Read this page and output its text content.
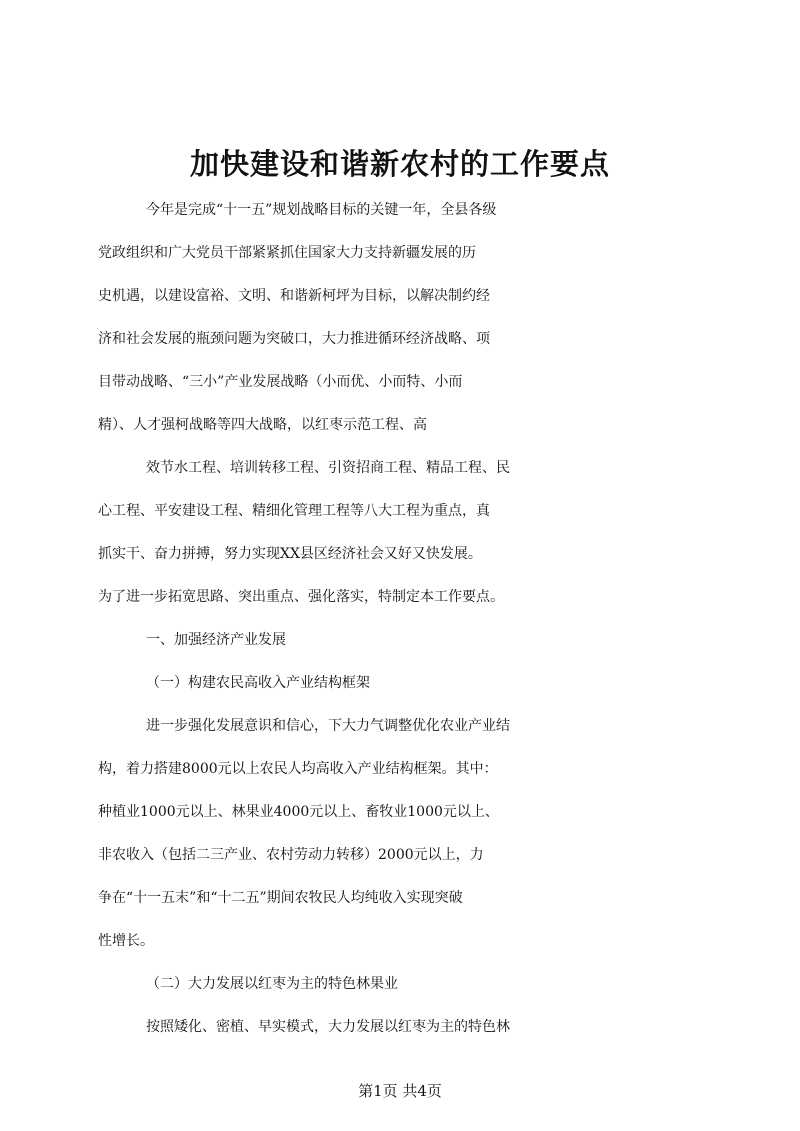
加快建设和谐新农村的工作要点
今年是完成“十一五”规划战略目标的关键一年，全县各级
党政组织和广大党员干部紧紧抓住国家大力支持新疆发展的历
史机遇，以建设富裕、文明、和谐新柯坪为目标，以解决制约经
济和社会发展的瓶颈问题为突破口，大力推进循环经济战略、项
目带动战略、“三小”产业发展战略（小而优、小而特、小而
精）、人才强柯战略等四大战略，以红枣示范工程、高
效节水工程、培训转移工程、引资招商工程、精品工程、民
心工程、平安建设工程、精细化管理工程等八大工程为重点，真
抓实干、奋力拼搏，努力实现XX县区经济社会又好又快发展。
为了进一步拓宽思路、突出重点、强化落实，特制定本工作要点。
一、加强经济产业发展
（一）构建农民高收入产业结构框架
进一步强化发展意识和信心，下大力气调整优化农业产业结
构，着力搭建8000元以上农民人均高收入产业结构框架。其中：
种植业1000元以上、林果业4000元以上、畜牧业1000元以上、
非农收入（包括二三产业、农村劳动力转移）2000元以上，力
争在“十一五末”和“十二五”期间农牧民人均纯收入实现突破
性增长。
（二）大力发展以红枣为主的特色林果业
按照矮化、密植、早实模式，大力发展以红枣为主的特色林
第1页 共4页
